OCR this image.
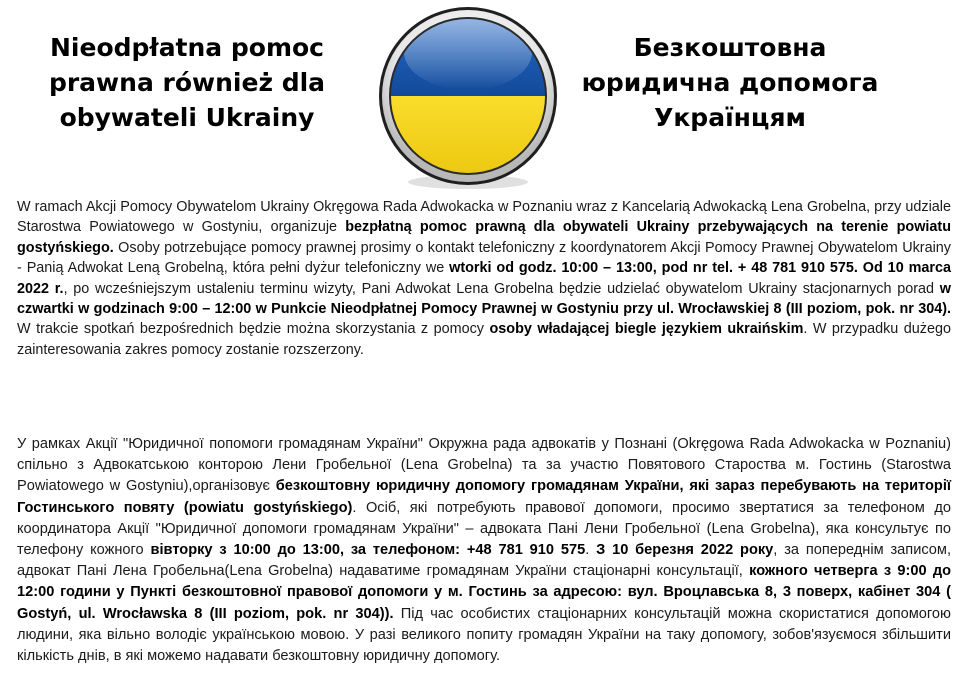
Nieodpłatna pomoc prawna również dla obywateli Ukrainy
Безкоштовна юридична допомога Українцям

W ramach Akcji Pomocy Obywatelom Ukrainy Okręgowa Rada Adwokacka w Poznaniu wraz z Kancelarią Adwokacką Lena Grobelna, przy udziale Starostwa Powiatowego w Gostyniu, organizuje bezpłatną pomoc prawną dla obywateli Ukrainy przebywających na terenie powiatu gostyńskiego. Osoby potrzebujące pomocy prawnej prosimy o kontakt telefoniczny z koordynatorem Akcji Pomocy Prawnej Obywatelom Ukrainy - Panią Adwokat Leną Grobelną, która pełni dyżur telefoniczny we wtorki od godz. 10:00 – 13:00, pod nr tel. + 48 781 910 575. Od 10 marca 2022 r., po wcześniejszym ustaleniu terminu wizyty, Pani Adwokat Lena Grobelna będzie udzielać obywatelom Ukrainy stacjonarnych porad w czwartki w godzinach 9:00 – 12:00 w Punkcie Nieodpłatnej Pomocy Prawnej w Gostyniu przy ul. Wrocławskiej 8 (III poziom, pok. nr 304). W trakcie spotkań bezpośrednich będzie można skorzystania z pomocy osoby władającej biegle językiem ukraińskim. W przypadku dużego zainteresowania zakres pomocy zostanie rozszerzony.

У рамках Акції "Юридичної попомоги громадянам України" Окружна рада адвокатів у Познані (Okręgowa Rada Adwokacka w Poznaniu) спільно з Адвокатською конторою Лени Гробельної (Lena Grobelna) та за участю Повятового Староства м. Гостинь (Starostwa Powiatowego w Gostyniu),організовує безкоштовну юридичну допомогу громадянам України, які зараз перебувають на території Гостинського повяту (powiatu gostyńskiego). Осіб, які потребують правової допомоги, просимо звертатися за телефоном до координатора Акції "Юридичної допомоги громадянам України" – адвоката Пані Лени Гробельної (Lena Grobelna), яка консультує по телефону кожного вівторку з 10:00 до 13:00, за телефоном: +48 781 910 575. З 10 березня 2022 року, за попереднім записом, адвокат Пані Лена Гробельна(Lena Grobelna) надаватиме громадянам України стаціонарні консультації, кожного четверга з 9:00 до 12:00 години у Пункті безкоштовної правової допомоги у м. Гостинь за адресою: вул. Вроцлавська 8, 3 поверх, кабінет 304 ( Gostyń, ul. Wrocławska 8 (III poziom, pok. nr 304)). Під час особистих стаціонарних консультацій можна скористатися допомогою людини, яка вільно володіє українською мовою. У разі великого попиту громадян України на таку допомогу, зобов'язуємося збільшити кількість днів, в які можемо надавати безкоштовну юридичну допомогу.
